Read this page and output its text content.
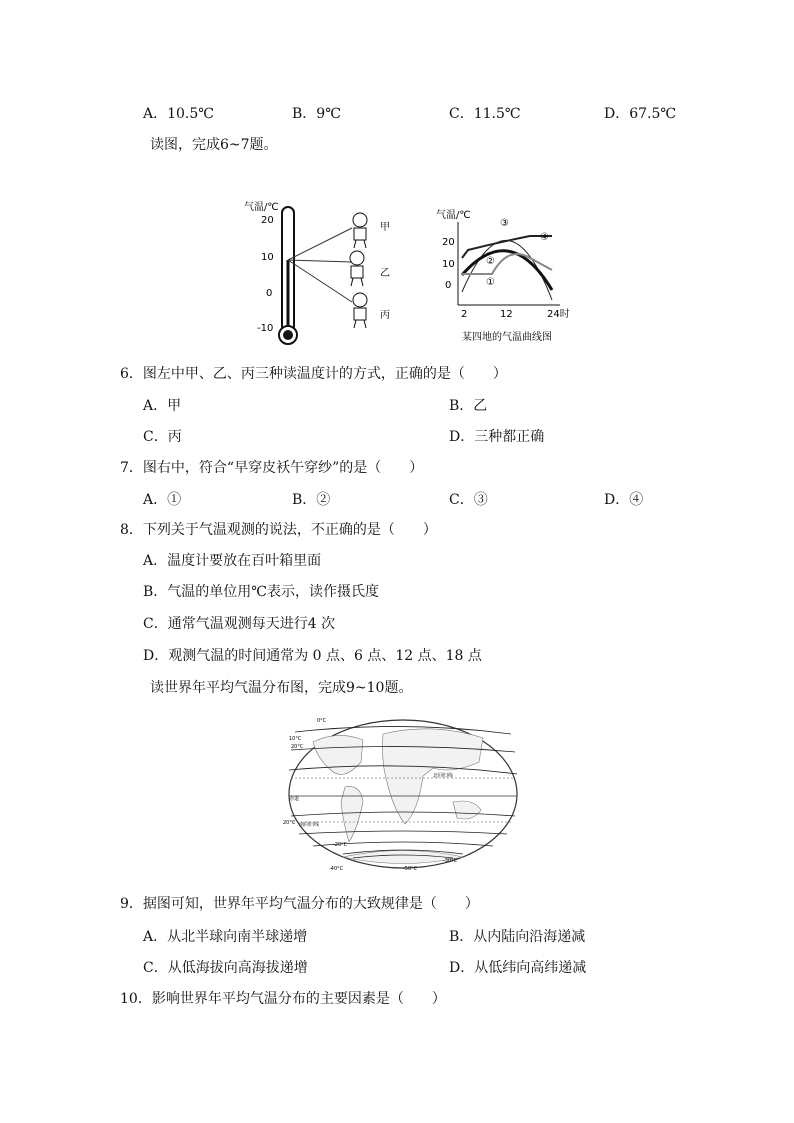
A．10.5℃	B．9℃	C．11.5℃	D．67.5℃
读图，完成6~7题。
气温/℃
20
10
0
-10
甲
乙
丙
气温/℃
20
10
0
2	12	24时
③
④
②
①
某四地的气温曲线图
6．图左中甲、乙、丙三种读温度计的方式，正确的是（　　）
A．甲	B．乙
C．丙	D．三种都正确
7．图右中，符合“早穿皮袄午穿纱”的是（　　）
A．①	B．②	C．③	D．④
8．下列关于气温观测的说法，不正确的是（　　）
A．温度计要放在百叶箱里面
B．气温的单位用℃表示，读作摄氏度
C．通常气温观测每天进行4 次
D．观测气温的时间通常为 0 点、6 点、12 点、18 点
读世界年平均气温分布图，完成9~10题。
0°C
10°C
20°C
北回归线
赤道
20°C 南回归线
-20°C
-40°C	-50°C
-30°C
9．据图可知，世界年平均气温分布的大致规律是（　　）
A．从北半球向南半球递增	B．从内陆向沿海递减
C．从低海拔向高海拔递增	D．从低纬向高纬递减
10．影响世界年平均气温分布的主要因素是（　　）
